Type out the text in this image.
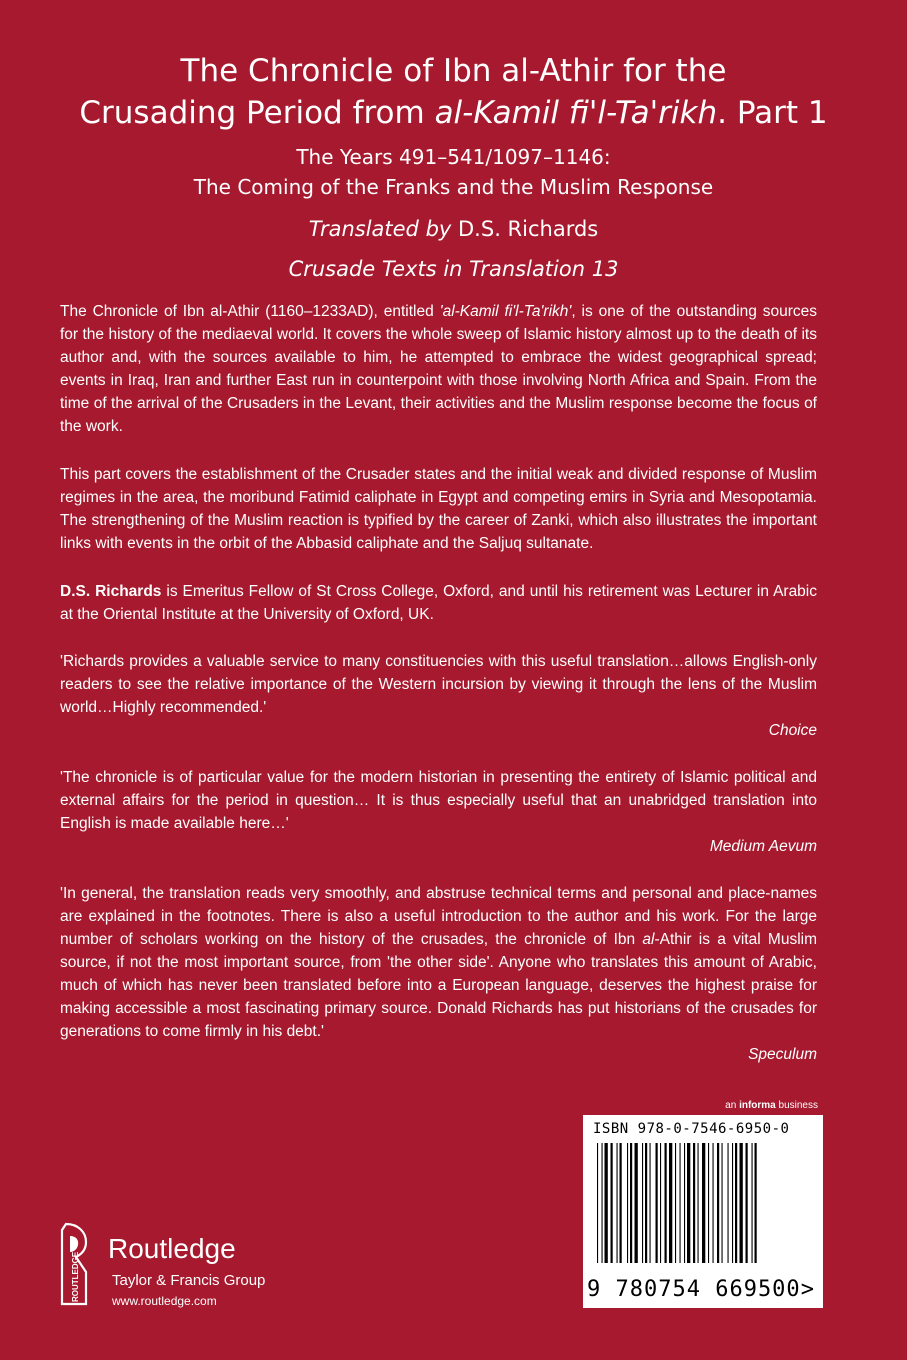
The Chronicle of Ibn al-Athir for the
Crusading Period from al-Kamil fi'l-Ta'rikh. Part 1
The Years 491–541/1097–1146:
The Coming of the Franks and the Muslim Response
Translated by D.S. Richards
Crusade Texts in Translation 13

The Chronicle of Ibn al-Athir (1160–1233AD), entitled 'al-Kamil fi'l-Ta'rikh', is one of the outstanding sources for the history of the mediaeval world. It covers the whole sweep of Islamic history almost up to the death of its author and, with the sources available to him, he attempted to embrace the widest geographical spread; events in Iraq, Iran and further East run in counterpoint with those involving North Africa and Spain. From the time of the arrival of the Crusaders in the Levant, their activities and the Muslim response become the focus of the work.

This part covers the establishment of the Crusader states and the initial weak and divided response of Muslim regimes in the area, the moribund Fatimid caliphate in Egypt and competing emirs in Syria and Mesopotamia. The strengthening of the Muslim reaction is typified by the career of Zanki, which also illustrates the important links with events in the orbit of the Abbasid caliphate and the Saljuq sultanate.

D.S. Richards is Emeritus Fellow of St Cross College, Oxford, and until his retirement was Lecturer in Arabic at the Oriental Institute at the University of Oxford, UK.

'Richards provides a valuable service to many constituencies with this useful translation…allows English-only readers to see the relative importance of the Western incursion by viewing it through the lens of the Muslim world…Highly recommended.'

Choice

'The chronicle is of particular value for the modern historian in presenting the entirety of Islamic political and external affairs for the period in question… It is thus especially useful that an unabridged translation into English is made available here…'

Medium Aevum

'In general, the translation reads very smoothly, and abstruse technical terms and personal and place-names are explained in the footnotes. There is also a useful introduction to the author and his work. For the large number of scholars working on the history of the crusades, the chronicle of Ibn al-Athir is a vital Muslim source, if not the most important source, from 'the other side'. Anyone who translates this amount of Arabic, much of which has never been translated before into a European language, deserves the highest praise for making accessible a most fascinating primary source. Donald Richards has put historians of the crusades for generations to come firmly in his debt.'

Speculum

an informa business
ISBN 978-0-7546-6950-0
9 780754 669500>
ROUTLEDGE
Routledge
Taylor & Francis Group
www.routledge.com
